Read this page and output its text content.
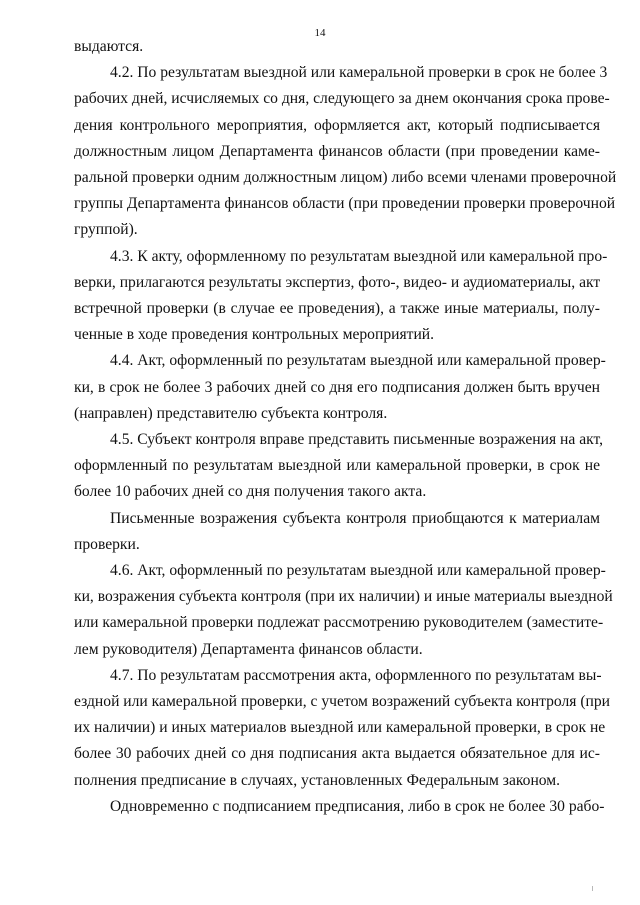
14
выдаются.
4.2. По результатам выездной или камеральной проверки в срок не более 3
рабочих дней, исчисляемых со дня, следующего за днем окончания срока прове-
дения контрольного мероприятия, оформляется акт, который подписывается
должностным лицом Департамента финансов области (при проведении каме-
ральной проверки одним должностным лицом) либо всеми членами проверочной
группы Департамента финансов области (при проведении проверки проверочной
группой).
4.3. К акту, оформленному по результатам выездной или камеральной про-
верки, прилагаются результаты экспертиз, фото-, видео- и аудиоматериалы, акт
встречной проверки (в случае ее проведения), а также иные материалы, полу-
ченные в ходе проведения контрольных мероприятий.
4.4. Акт, оформленный по результатам выездной или камеральной провер-
ки, в срок не более 3 рабочих дней со дня его подписания должен быть вручен
(направлен) представителю субъекта контроля.
4.5. Субъект контроля вправе представить письменные возражения на акт,
оформленный по результатам выездной или камеральной проверки, в срок не
более 10 рабочих дней со дня получения такого акта.
Письменные возражения субъекта контроля приобщаются к материалам
проверки.
4.6. Акт, оформленный по результатам выездной или камеральной провер-
ки, возражения субъекта контроля (при их наличии) и иные материалы выездной
или камеральной проверки подлежат рассмотрению руководителем (заместите-
лем руководителя) Департамента финансов области.
4.7. По результатам рассмотрения акта, оформленного по результатам вы-
ездной или камеральной проверки, с учетом возражений субъекта контроля (при
их наличии) и иных материалов выездной или камеральной проверки, в срок не
более 30 рабочих дней со дня подписания акта выдается обязательное для ис-
полнения предписание в случаях, установленных Федеральным законом.
Одновременно с подписанием предписания, либо в срок не более 30 рабо-
